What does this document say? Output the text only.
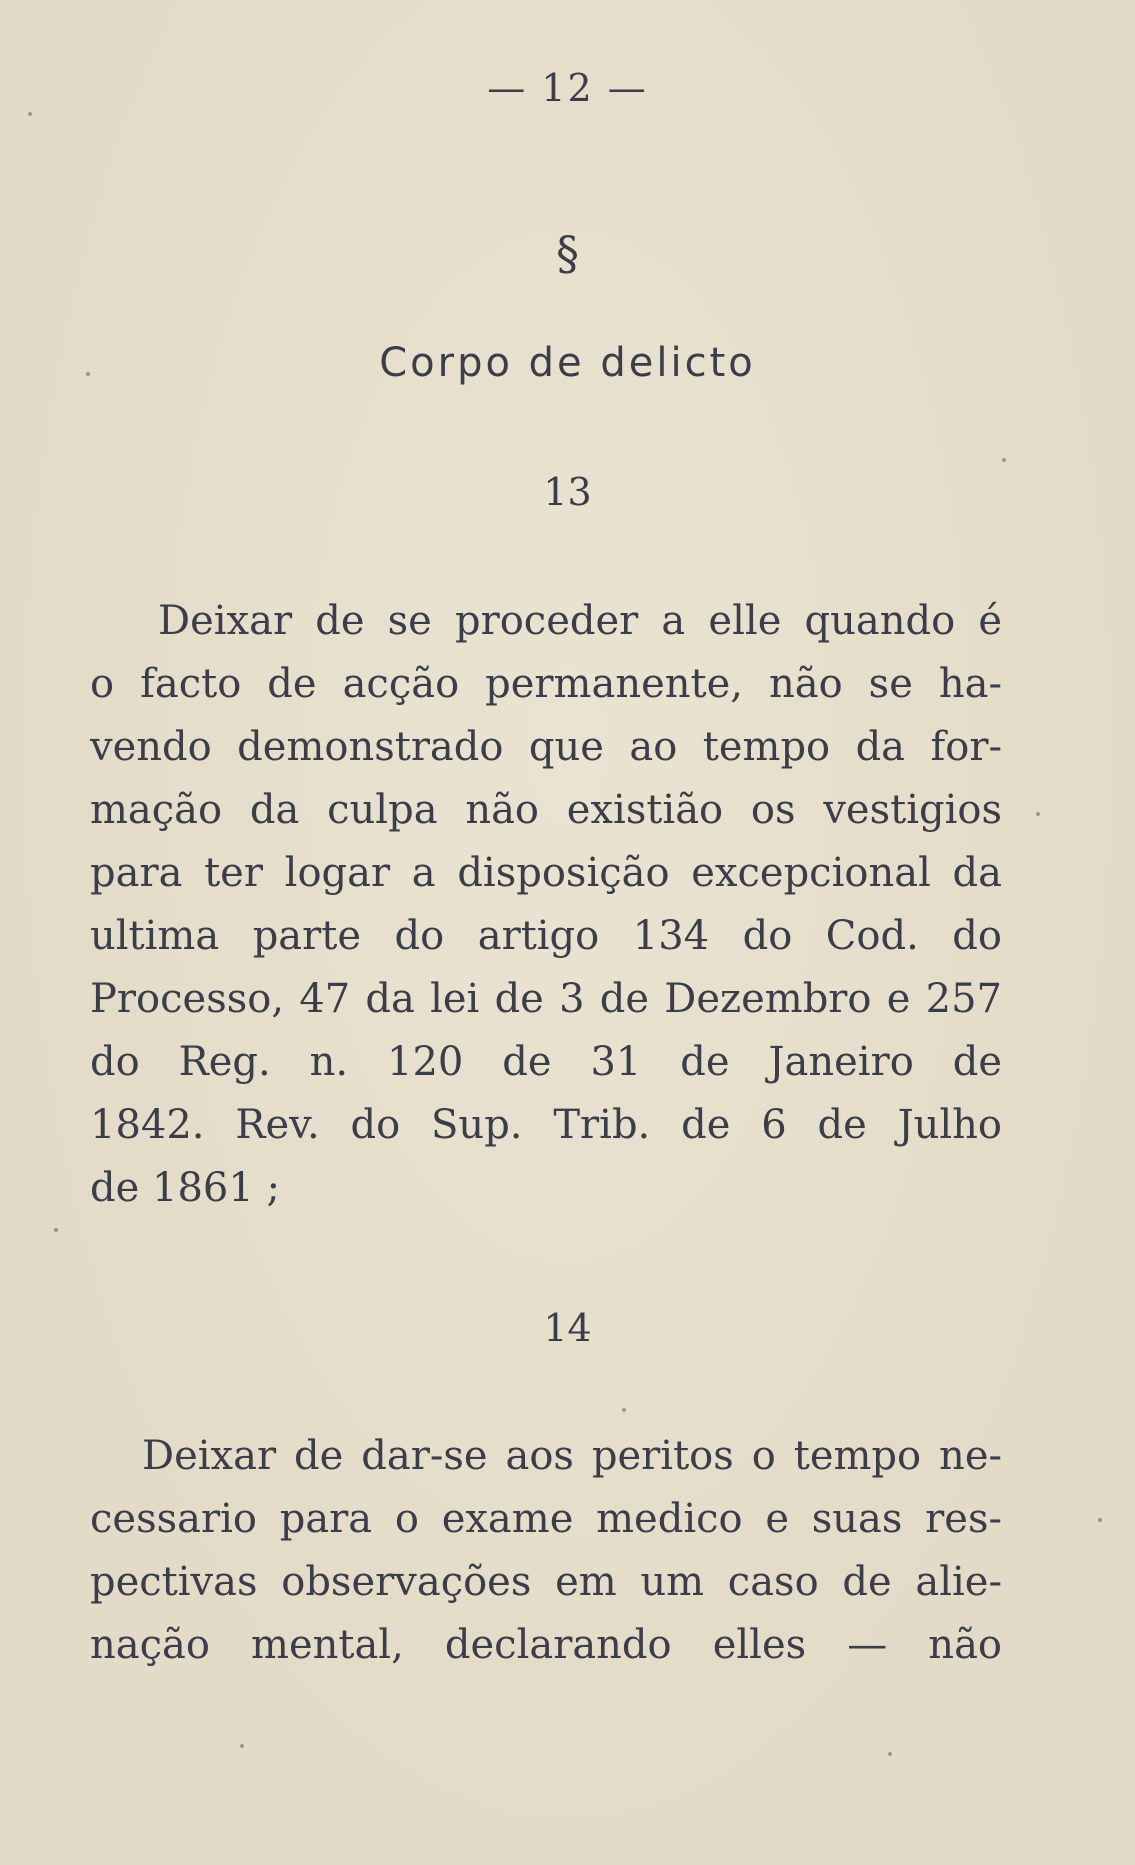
— 12 —
§
Corpo de delicto
13
Deixar de se proceder a elle quando é
o facto de acção permanente, não se ha-
vendo demonstrado que ao tempo da for-
mação da culpa não existião os vestigios
para ter logar a disposição excepcional da
ultima parte do artigo 134 do Cod. do
Processo, 47 da lei de 3 de Dezembro e 257
do Reg. n. 120 de 31 de Janeiro de
1842. Rev. do Sup. Trib. de 6 de Julho
de 1861 ;
14
Deixar de dar-se aos peritos o tempo ne-
cessario para o exame medico e suas res-
pectivas observações em um caso de alie-
nação mental, declarando elles — não
